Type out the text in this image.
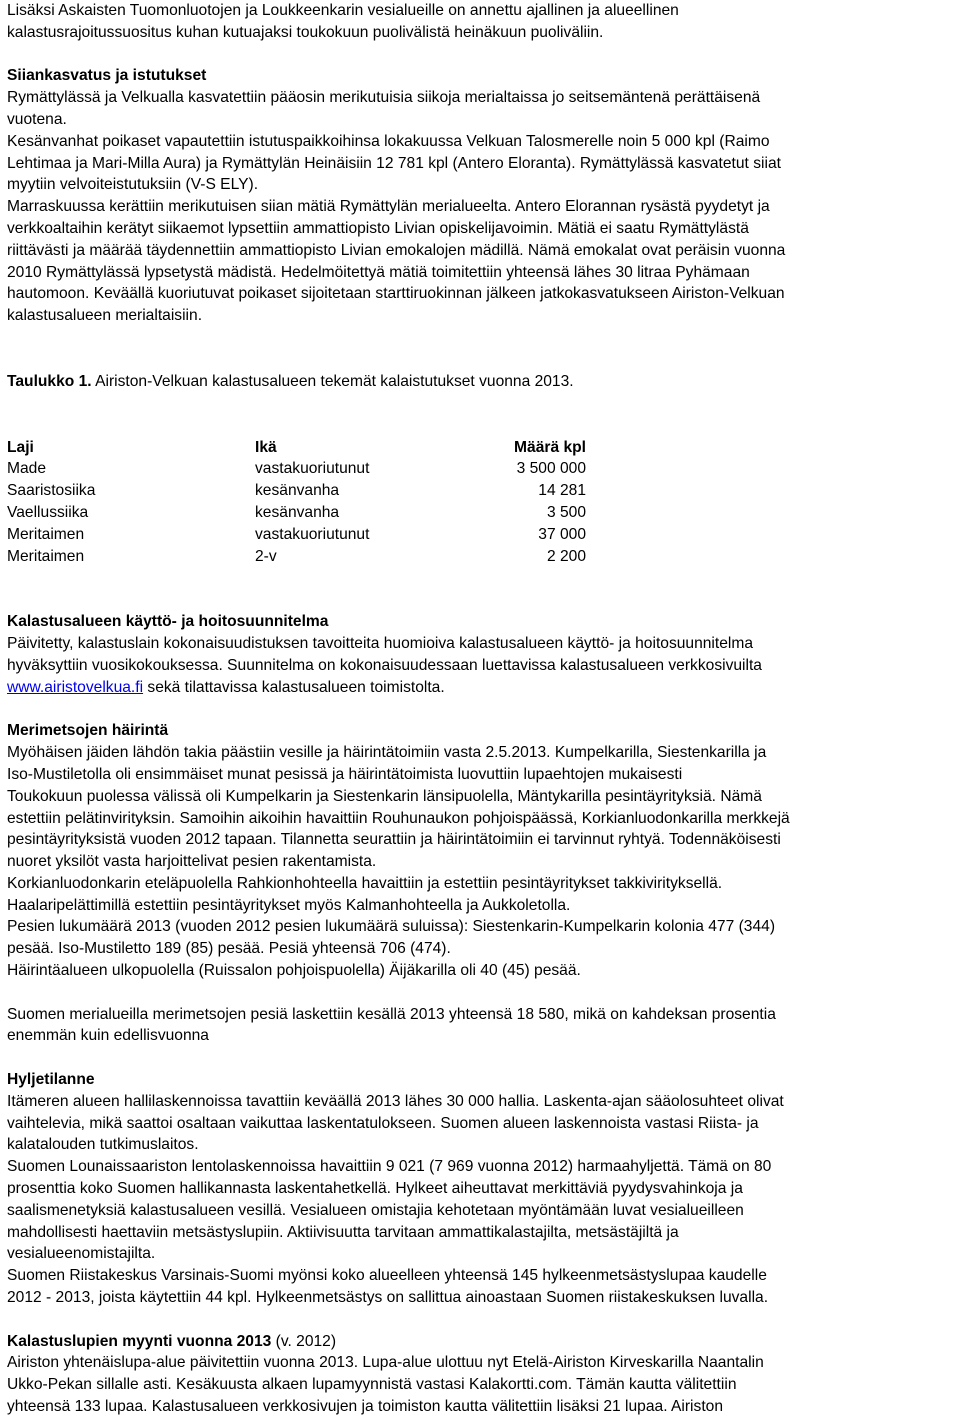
Lisäksi Askaisten Tuomonluotojen ja Loukkeenkarin vesialueille on annettu ajallinen ja alueellinen
kalastusrajoitussuositus kuhan kutuajaksi toukokuun puolivälistä heinäkuun puoliväliin.

Siiankasvatus ja istutukset
Rymättylässä ja Velkualla kasvatettiin pääosin merikutuisia siikoja merialtaissa jo seitsemäntenä perättäisenä
vuotena.
Kesänvanhat poikaset vapautettiin istutuspaikkoihinsa lokakuussa Velkuan Talosmerelle noin 5 000 kpl (Raimo
Lehtimaa ja Mari-Milla Aura) ja Rymättylän Heinäisiin 12 781 kpl (Antero Eloranta). Rymättylässä kasvatetut siiat
myytiin velvoiteistutuksiin (V-S ELY).
Marraskuussa kerättiin merikutuisen siian mätiä Rymättylän merialueelta. Antero Elorannan rysästä pyydetyt ja
verkkoaltaihin kerätyt siikaemot lypsettiin ammattiopisto Livian opiskelijavoimin. Mätiä ei saatu Rymättylästä
riittävästi ja määrää täydennettiin ammattiopisto Livian emokalojen mädillä. Nämä emokalat ovat peräisin vuonna
2010 Rymättylässä lypsetystä mädistä. Hedelmöitettyä mätiä toimitettiin yhteensä lähes 30 litraa Pyhämaan
hautomoon. Keväällä kuoriutuvat poikaset sijoitetaan starttiruokinnan jälkeen jatkokasvatukseen Airiston-Velkuan
kalastusalueen merialtaisiin.

Taulukko 1. Airiston-Velkuan kalastusalueen tekemät kalaistutukset vuonna 2013.

Laji	Ikä	Määrä kpl
Made	vastakuoriutunut	3 500 000
Saaristosiika	kesänvanha	14 281
Vaellussiika	kesänvanha	3 500
Meritaimen	vastakuoriutunut	37 000
Meritaimen	2-v	2 200

Kalastusalueen käyttö- ja hoitosuunnitelma
Päivitetty, kalastuslain kokonaisuudistuksen tavoitteita huomioiva kalastusalueen käyttö- ja hoitosuunnitelma
hyväksyttiin vuosikokouksessa. Suunnitelma on kokonaisuudessaan luettavissa kalastusalueen verkkosivuilta
www.airistovelkua.fi sekä tilattavissa kalastusalueen toimistolta.

Merimetsojen häirintä
Myöhäisen jäiden lähdön takia päästiin vesille ja häirintätoimiin vasta 2.5.2013. Kumpelkarilla, Siestenkarilla ja
Iso-Mustiletolla oli ensimmäiset munat pesissä ja häirintätoimista luovuttiin lupaehtojen mukaisesti
Toukokuun puolessa välissä oli Kumpelkarin ja Siestenkarin länsipuolella, Mäntykarilla pesintäyrityksiä. Nämä
estettiin pelätinvirityksin. Samoihin aikoihin havaittiin Rouhunaukon pohjoispäässä, Korkianluodonkarilla merkkejä
pesintäyrityksistä vuoden 2012 tapaan. Tilannetta seurattiin ja häirintätoimiin ei tarvinnut ryhtyä. Todennäköisesti
nuoret yksilöt vasta harjoittelivat pesien rakentamista.
Korkianluodonkarin eteläpuolella Rahkionhohteella havaittiin ja estettiin pesintäyritykset takkivirityksellä.
Haalaripelättimillä estettiin pesintäyritykset myös Kalmanhohteella ja Aukkoletolla.
Pesien lukumäärä 2013 (vuoden 2012 pesien lukumäärä suluissa): Siestenkarin-Kumpelkarin kolonia 477 (344)
pesää. Iso-Mustiletto 189 (85) pesää. Pesiä yhteensä 706 (474).
Häirintäalueen ulkopuolella (Ruissalon pohjoispuolella) Äijäkarilla oli 40 (45) pesää.

Suomen merialueilla merimetsojen pesiä laskettiin kesällä 2013 yhteensä 18 580, mikä on kahdeksan prosentia
enemmän kuin edellisvuonna

Hyljetilanne
Itämeren alueen hallilaskennoissa tavattiin keväällä 2013 lähes 30 000 hallia. Laskenta-ajan sääolosuhteet olivat
vaihtelevia, mikä saattoi osaltaan vaikuttaa laskentatulokseen. Suomen alueen laskennoista vastasi Riista- ja
kalatalouden tutkimuslaitos.
Suomen Lounaissaariston lentolaskennoissa havaittiin 9 021 (7 969 vuonna 2012) harmaahyljettä. Tämä on 80
prosenttia koko Suomen hallikannasta laskentahetkellä. Hylkeet aiheuttavat merkittäviä pyydysvahinkoja ja
saalismenetyksiä kalastusalueen vesillä. Vesialueen omistajia kehotetaan myöntämään luvat vesialueilleen
mahdollisesti haettaviin metsästyslupiin. Aktiivisuutta tarvitaan ammattikalastajilta, metsästäjiltä ja
vesialueenomistajilta.
Suomen Riistakeskus Varsinais-Suomi myönsi koko alueelleen yhteensä 145 hylkeenmetsästyslupaa kaudelle
2012 - 2013, joista käytettiin 44 kpl. Hylkeenmetsästys on sallittua ainoastaan Suomen riistakeskuksen luvalla.

Kalastuslupien myynti vuonna 2013 (v. 2012)
Airiston yhtenäislupa-alue päivitettiin vuonna 2013. Lupa-alue ulottuu nyt Etelä-Airiston Kirveskarilla Naantalin
Ukko-Pekan sillalle asti. Kesäkuusta alkaen lupamyynnistä vastasi Kalakortti.com. Tämän kautta välitettiin
yhteensä 133 lupaa. Kalastusalueen verkkosivujen ja toimiston kautta välitettiin lisäksi 21 lupaa. Airiston
